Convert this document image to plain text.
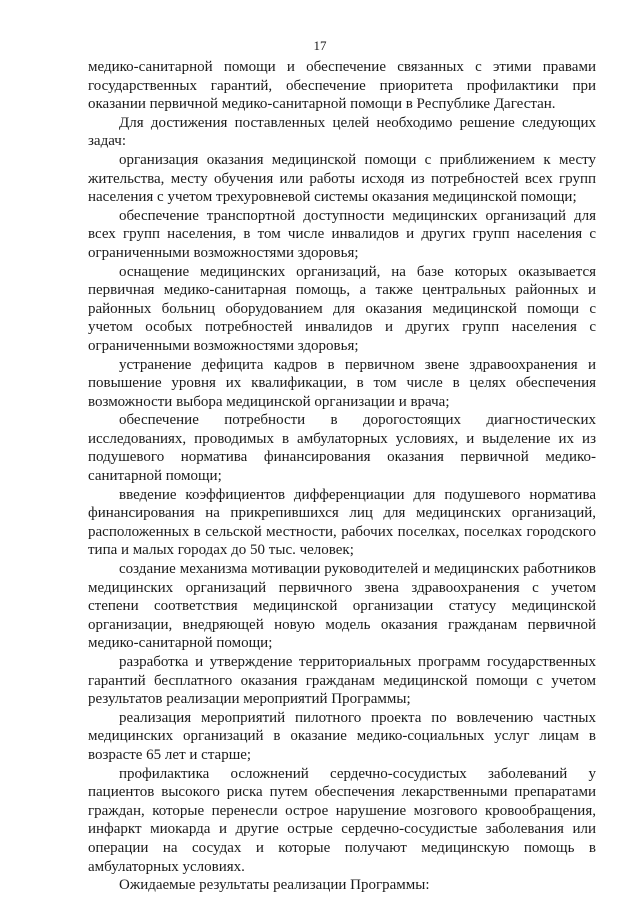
17

медико-санитарной помощи и обеспечение связанных с этими правами государственных гарантий, обеспечение приоритета профилактики при оказании первичной медико-санитарной помощи в Республике Дагестан.

Для достижения поставленных целей необходимо решение следующих задач:

организация оказания медицинской помощи с приближением к месту жительства, месту обучения или работы исходя из потребностей всех групп населения с учетом трехуровневой системы оказания медицинской помощи;

обеспечение транспортной доступности медицинских организаций для всех групп населения, в том числе инвалидов и других групп населения с ограниченными возможностями здоровья;

оснащение медицинских организаций, на базе которых оказывается первичная медико-санитарная помощь, а также центральных районных и районных больниц оборудованием для оказания медицинской помощи с учетом особых потребностей инвалидов и других групп населения с ограниченными возможностями здоровья;

устранение дефицита кадров в первичном звене здравоохранения и повышение уровня их квалификации, в том числе в целях обеспечения возможности выбора медицинской организации и врача;

обеспечение потребности в дорогостоящих диагностических исследованиях, проводимых в амбулаторных условиях, и выделение их из подушевого норматива финансирования оказания первичной медико-санитарной помощи;

введение коэффициентов дифференциации для подушевого норматива финансирования на прикрепившихся лиц для медицинских организаций, расположенных в сельской местности, рабочих поселках, поселках городского типа и малых городах до 50 тыс. человек;

создание механизма мотивации руководителей и медицинских работников медицинских организаций первичного звена здравоохранения с учетом степени соответствия медицинской организации статусу медицинской организации, внедряющей новую модель оказания гражданам первичной медико-санитарной помощи;

разработка и утверждение территориальных программ государственных гарантий бесплатного оказания гражданам медицинской помощи с учетом результатов реализации мероприятий Программы;

реализация мероприятий пилотного проекта по вовлечению частных медицинских организаций в оказание медико-социальных услуг лицам в возрасте 65 лет и старше;

профилактика осложнений сердечно-сосудистых заболеваний у пациентов высокого риска путем обеспечения лекарственными препаратами граждан, которые перенесли острое нарушение мозгового кровообращения, инфаркт миокарда и другие острые сердечно-сосудистые заболевания или операции на сосудах и которые получают медицинскую помощь в амбулаторных условиях.

Ожидаемые результаты реализации Программы:
